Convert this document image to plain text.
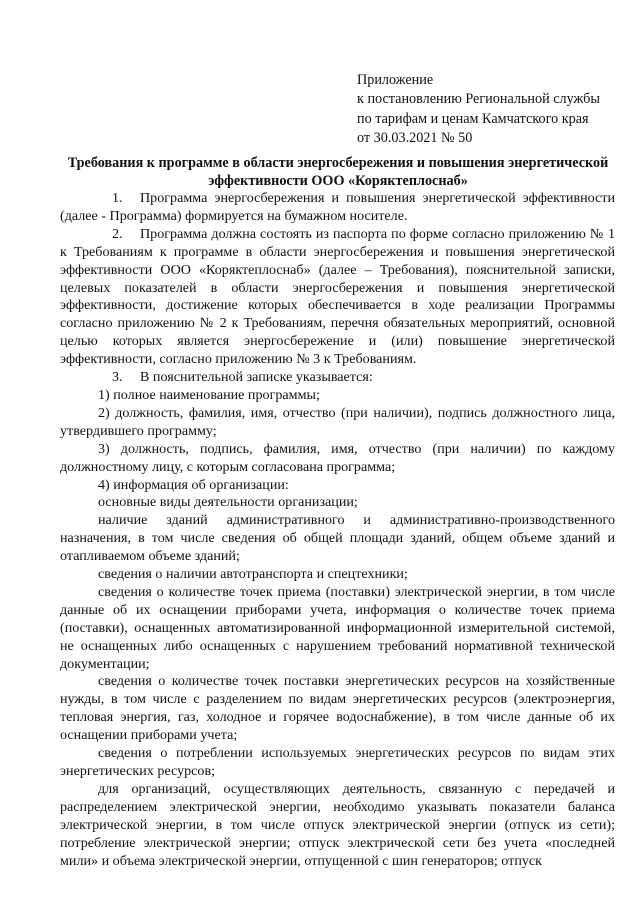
Приложение
к постановлению Региональной службы
по тарифам и ценам Камчатского края
от 30.03.2021 № 50
Требования к программе в области энергосбережения и повышения энергетической эффективности ООО «Коряктеплоснаб»

1. Программа энергосбережения и повышения энергетической эффективности (далее - Программа) формируется на бумажном носителе.

2. Программа должна состоять из паспорта по форме согласно приложению № 1 к Требованиям к программе в области энергосбережения и повышения энергетической эффективности ООО «Коряктеплоснаб» (далее – Требования), пояснительной записки, целевых показателей в области энергосбережения и повышения энергетической эффективности, достижение которых обеспечивается в ходе реализации Программы согласно приложению № 2 к Требованиям, перечня обязательных мероприятий, основной целью которых является энергосбережение и (или) повышение энергетической эффективности, согласно приложению № 3 к Требованиям.

3. В пояснительной записке указывается:

1) полное наименование программы;

2) должность, фамилия, имя, отчество (при наличии), подпись должностного лица, утвердившего программу;

3) должность, подпись, фамилия, имя, отчество (при наличии) по каждому должностному лицу, с которым согласована программа;

4) информация об организации:

основные виды деятельности организации;

наличие зданий административного и административно-производственного назначения, в том числе сведения об общей площади зданий, общем объеме зданий и отапливаемом объеме зданий;

сведения о наличии автотранспорта и спецтехники;

сведения о количестве точек приема (поставки) электрической энергии, в том числе данные об их оснащении приборами учета, информация о количестве точек приема (поставки), оснащенных автоматизированной информационной измерительной системой, не оснащенных либо оснащенных с нарушением требований нормативной технической документации;

сведения о количестве точек поставки энергетических ресурсов на хозяйственные нужды, в том числе с разделением по видам энергетических ресурсов (электроэнергия, тепловая энергия, газ, холодное и горячее водоснабжение), в том числе данные об их оснащении приборами учета;

сведения о потреблении используемых энергетических ресурсов по видам этих энергетических ресурсов;

для организаций, осуществляющих деятельность, связанную с передачей и распределением электрической энергии, необходимо указывать показатели баланса электрической энергии, в том числе отпуск электрической энергии (отпуск из сети); потребление электрической энергии; отпуск электрической сети без учета «последней мили» и объема электрической энергии, отпущенной с шин генераторов; отпуск
